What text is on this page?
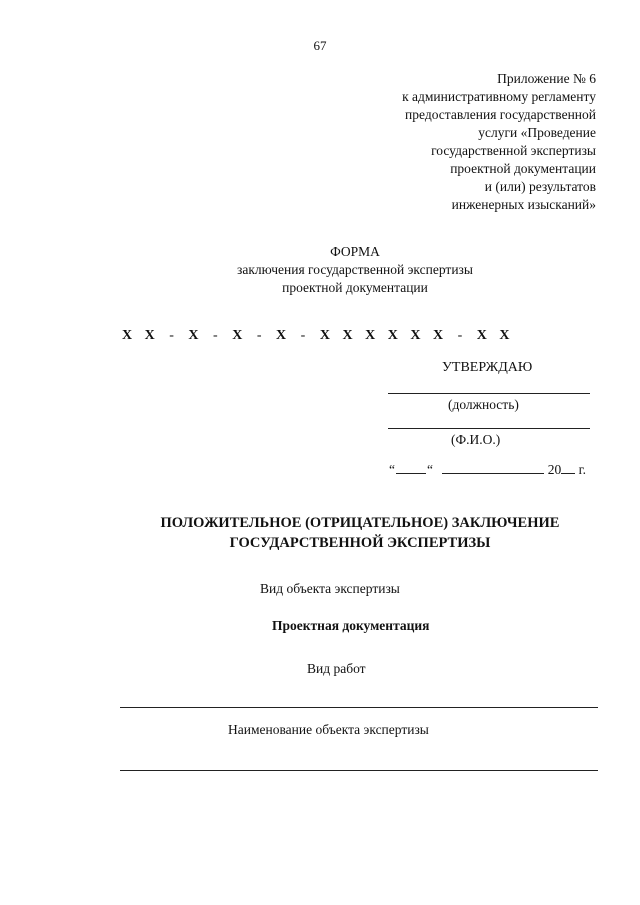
67
Приложение № 6
к административному регламенту
предоставления государственной
услуги «Проведение
государственной экспертизы
проектной документации
и (или) результатов
инженерных изысканий»
ФОРМА
заключения государственной экспертизы
проектной документации
Х Х - Х - Х - Х - Х Х Х Х Х Х - Х Х
УТВЕРЖДАЮ
(должность)
(Ф.И.О.)
“ “	20 г.
ПОЛОЖИТЕЛЬНОЕ (ОТРИЦАТЕЛЬНОЕ) ЗАКЛЮЧЕНИЕ
ГОСУДАРСТВЕННОЙ ЭКСПЕРТИЗЫ
Вид объекта экспертизы
Проектная документация
Вид работ
Наименование объекта экспертизы
